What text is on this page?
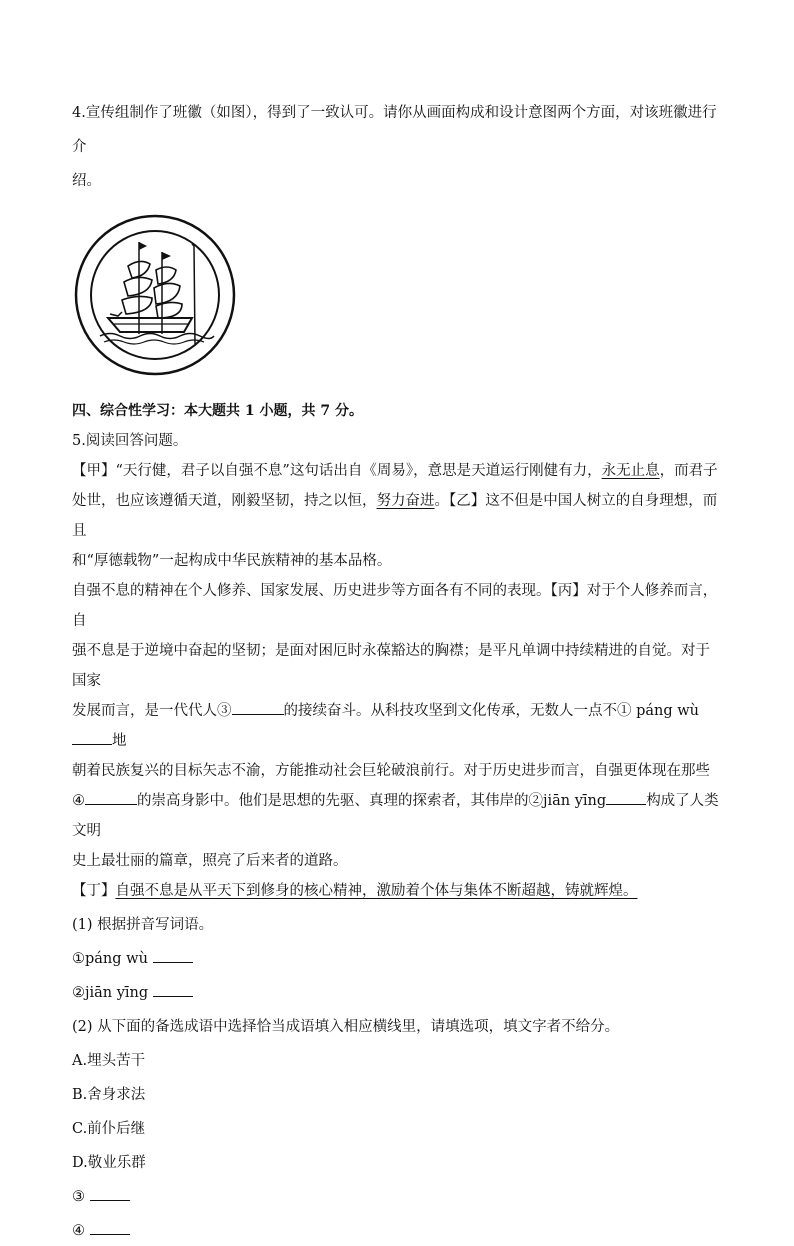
4.宣传组制作了班徽（如图），得到了一致认可。请你从画面构成和设计意图两个方面，对该班徽进行介
绍。

四、综合性学习：本大题共 1 小题，共 7 分。

5.阅读回答问题。

【甲】“天行健，君子以自强不息”这句话出自《周易》，意思是天道运行刚健有力，永无止息，而君子
处世，也应该遵循天道，刚毅坚韧，持之以恒，努力奋进。【乙】这不但是中国人树立的自身理想，而且
和“厚德载物”一起构成中华民族精神的基本品格。

自强不息的精神在个人修养、国家发展、历史进步等方面各有不同的表现。【丙】对于个人修养而言，自
强不息是于逆境中奋起的坚韧；是面对困厄时永葆豁达的胸襟；是平凡单调中持续精进的自觉。对于国家
发展而言，是一代代人③	的接续奋斗。从科技攻坚到文化传承，无数人一点不① páng wù地
朝着民族复兴的目标矢志不渝，方能推动社会巨轮破浪前行。对于历史进步而言，自强更体现在那些
④	的崇高身影中。他们是思想的先驱、真理的探索者，其伟岸的②jiān yīng	构成了人类文明
史上最壮丽的篇章，照亮了后来者的道路。

【丁】自强不息是从平天下到修身的核心精神，激励着个体与集体不断超越，铸就辉煌。

(1) 根据拼音写词语。

①páng wù

②jiān yīng

(2) 从下面的备选成语中选择恰当成语填入相应横线里，请填选项，填文字者不给分。

A.埋头苦干

B.舍身求法

C.前仆后继

D.敬业乐群

③

④
